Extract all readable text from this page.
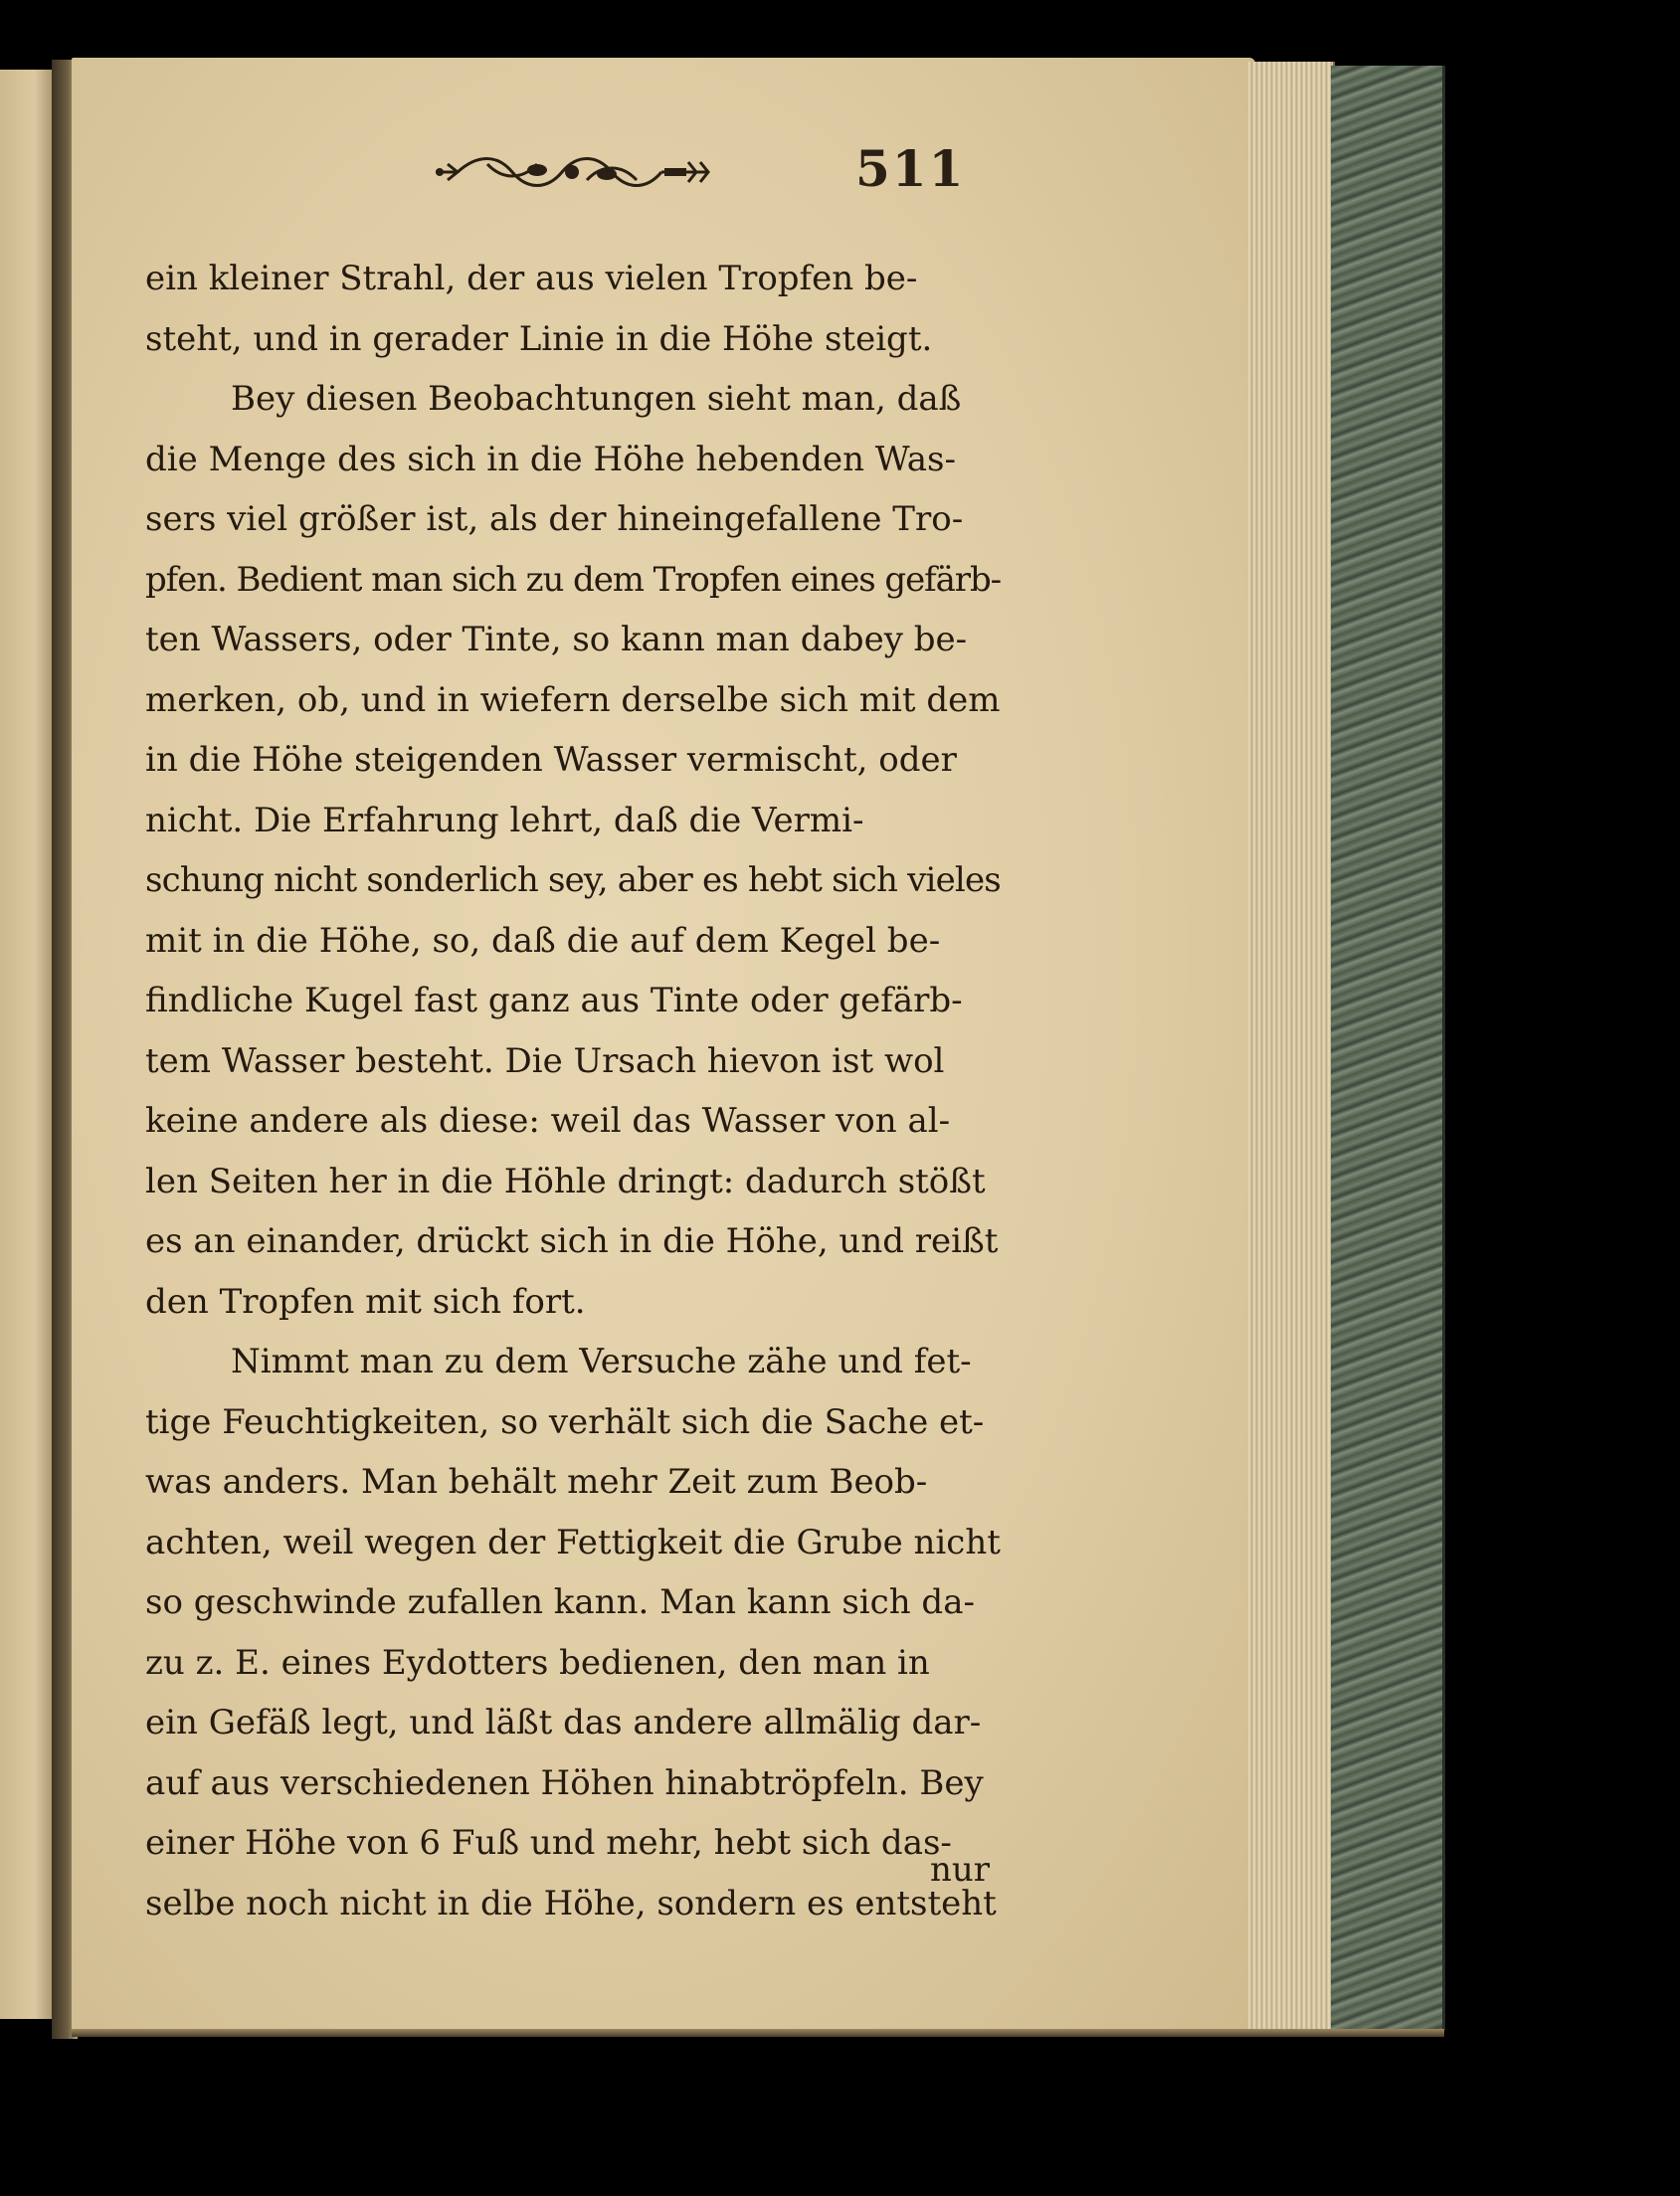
511
ein kleiner Strahl, der aus vielen Tropfen be-
steht, und in gerader Linie in die Höhe steigt.
Bey diesen Beobachtungen sieht man, daß
die Menge des sich in die Höhe hebenden Was-
sers viel größer ist, als der hineingefallene Tro-
pfen. Bedient man sich zu dem Tropfen eines gefärb-
ten Wassers, oder Tinte, so kann man dabey be-
merken, ob, und in wiefern derselbe sich mit dem
in die Höhe steigenden Wasser vermischt, oder
nicht. Die Erfahrung lehrt, daß die Vermi-
schung nicht sonderlich sey, aber es hebt sich vieles
mit in die Höhe, so, daß die auf dem Kegel be-
findliche Kugel fast ganz aus Tinte oder gefärb-
tem Wasser besteht. Die Ursach hievon ist wol
keine andere als diese: weil das Wasser von al-
len Seiten her in die Höhle dringt: dadurch stößt
es an einander, drückt sich in die Höhe, und reißt
den Tropfen mit sich fort.
Nimmt man zu dem Versuche zähe und fet-
tige Feuchtigkeiten, so verhält sich die Sache et-
was anders. Man behält mehr Zeit zum Beob-
achten, weil wegen der Fettigkeit die Grube nicht
so geschwinde zufallen kann. Man kann sich da-
zu z. E. eines Eydotters bedienen, den man in
ein Gefäß legt, und läßt das andere allmälig dar-
auf aus verschiedenen Höhen hinabtröpfeln. Bey
einer Höhe von 6 Fuß und mehr, hebt sich das-
selbe noch nicht in die Höhe, sondern es entsteht
nur
